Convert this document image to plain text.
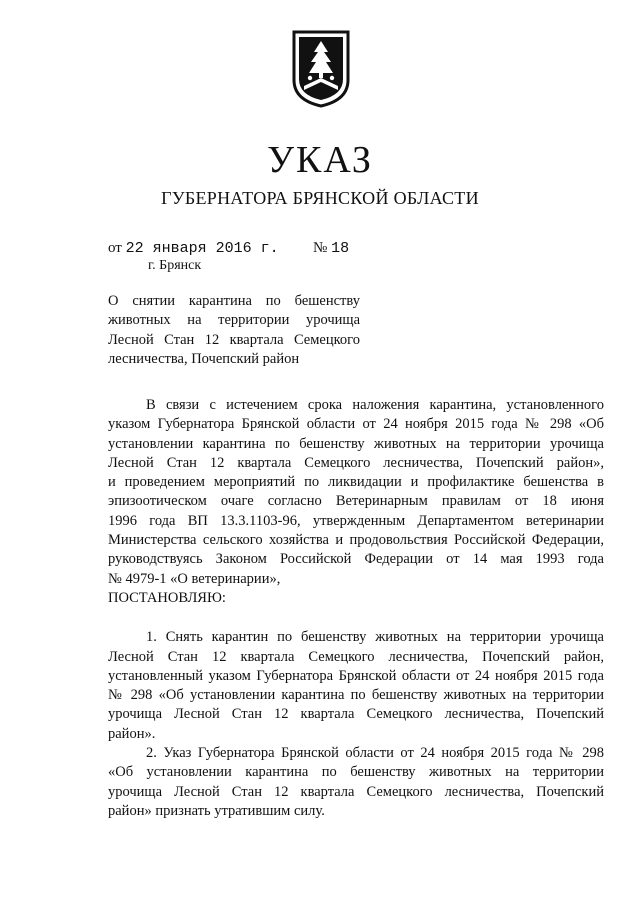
УКАЗ
ГУБЕРНАТОРА БРЯНСКОЙ ОБЛАСТИ
от 22 января 2016 г. № 18
г. Брянск
О снятии карантина по бешенству
животных на территории урочища
Лесной Стан 12 квартала Семецкого
лесничества, Почепский район
В связи с истечением срока наложения карантина, установленного
указом Губернатора Брянской области от 24 ноября 2015 года № 298 «Об
установлении карантина по бешенству животных на территории урочища
Лесной Стан 12 квартала Семецкого лесничества, Почепский район»,
и проведением мероприятий по ликвидации и профилактике бешенства в
эпизоотическом очаге согласно Ветеринарным правилам от 18 июня
1996 года ВП 13.3.1103-96, утвержденным Департаментом ветеринарии
Министерства сельского хозяйства и продовольствия Российской Федерации,
руководствуясь Законом Российской Федерации от 14 мая 1993 года
№ 4979-1 «О ветеринарии»,
ПОСТАНОВЛЯЮ:
1. Снять карантин по бешенству животных на территории урочища
Лесной Стан 12 квартала Семецкого лесничества, Почепский район,
установленный указом Губернатора Брянской области от 24 ноября 2015 года
№ 298 «Об установлении карантина по бешенству животных на территории
урочища Лесной Стан 12 квартала Семецкого лесничества, Почепский
район».
2. Указ Губернатора Брянской области от 24 ноября 2015 года № 298
«Об установлении карантина по бешенству животных на территории
урочища Лесной Стан 12 квартала Семецкого лесничества, Почепский
район» признать утратившим силу.
